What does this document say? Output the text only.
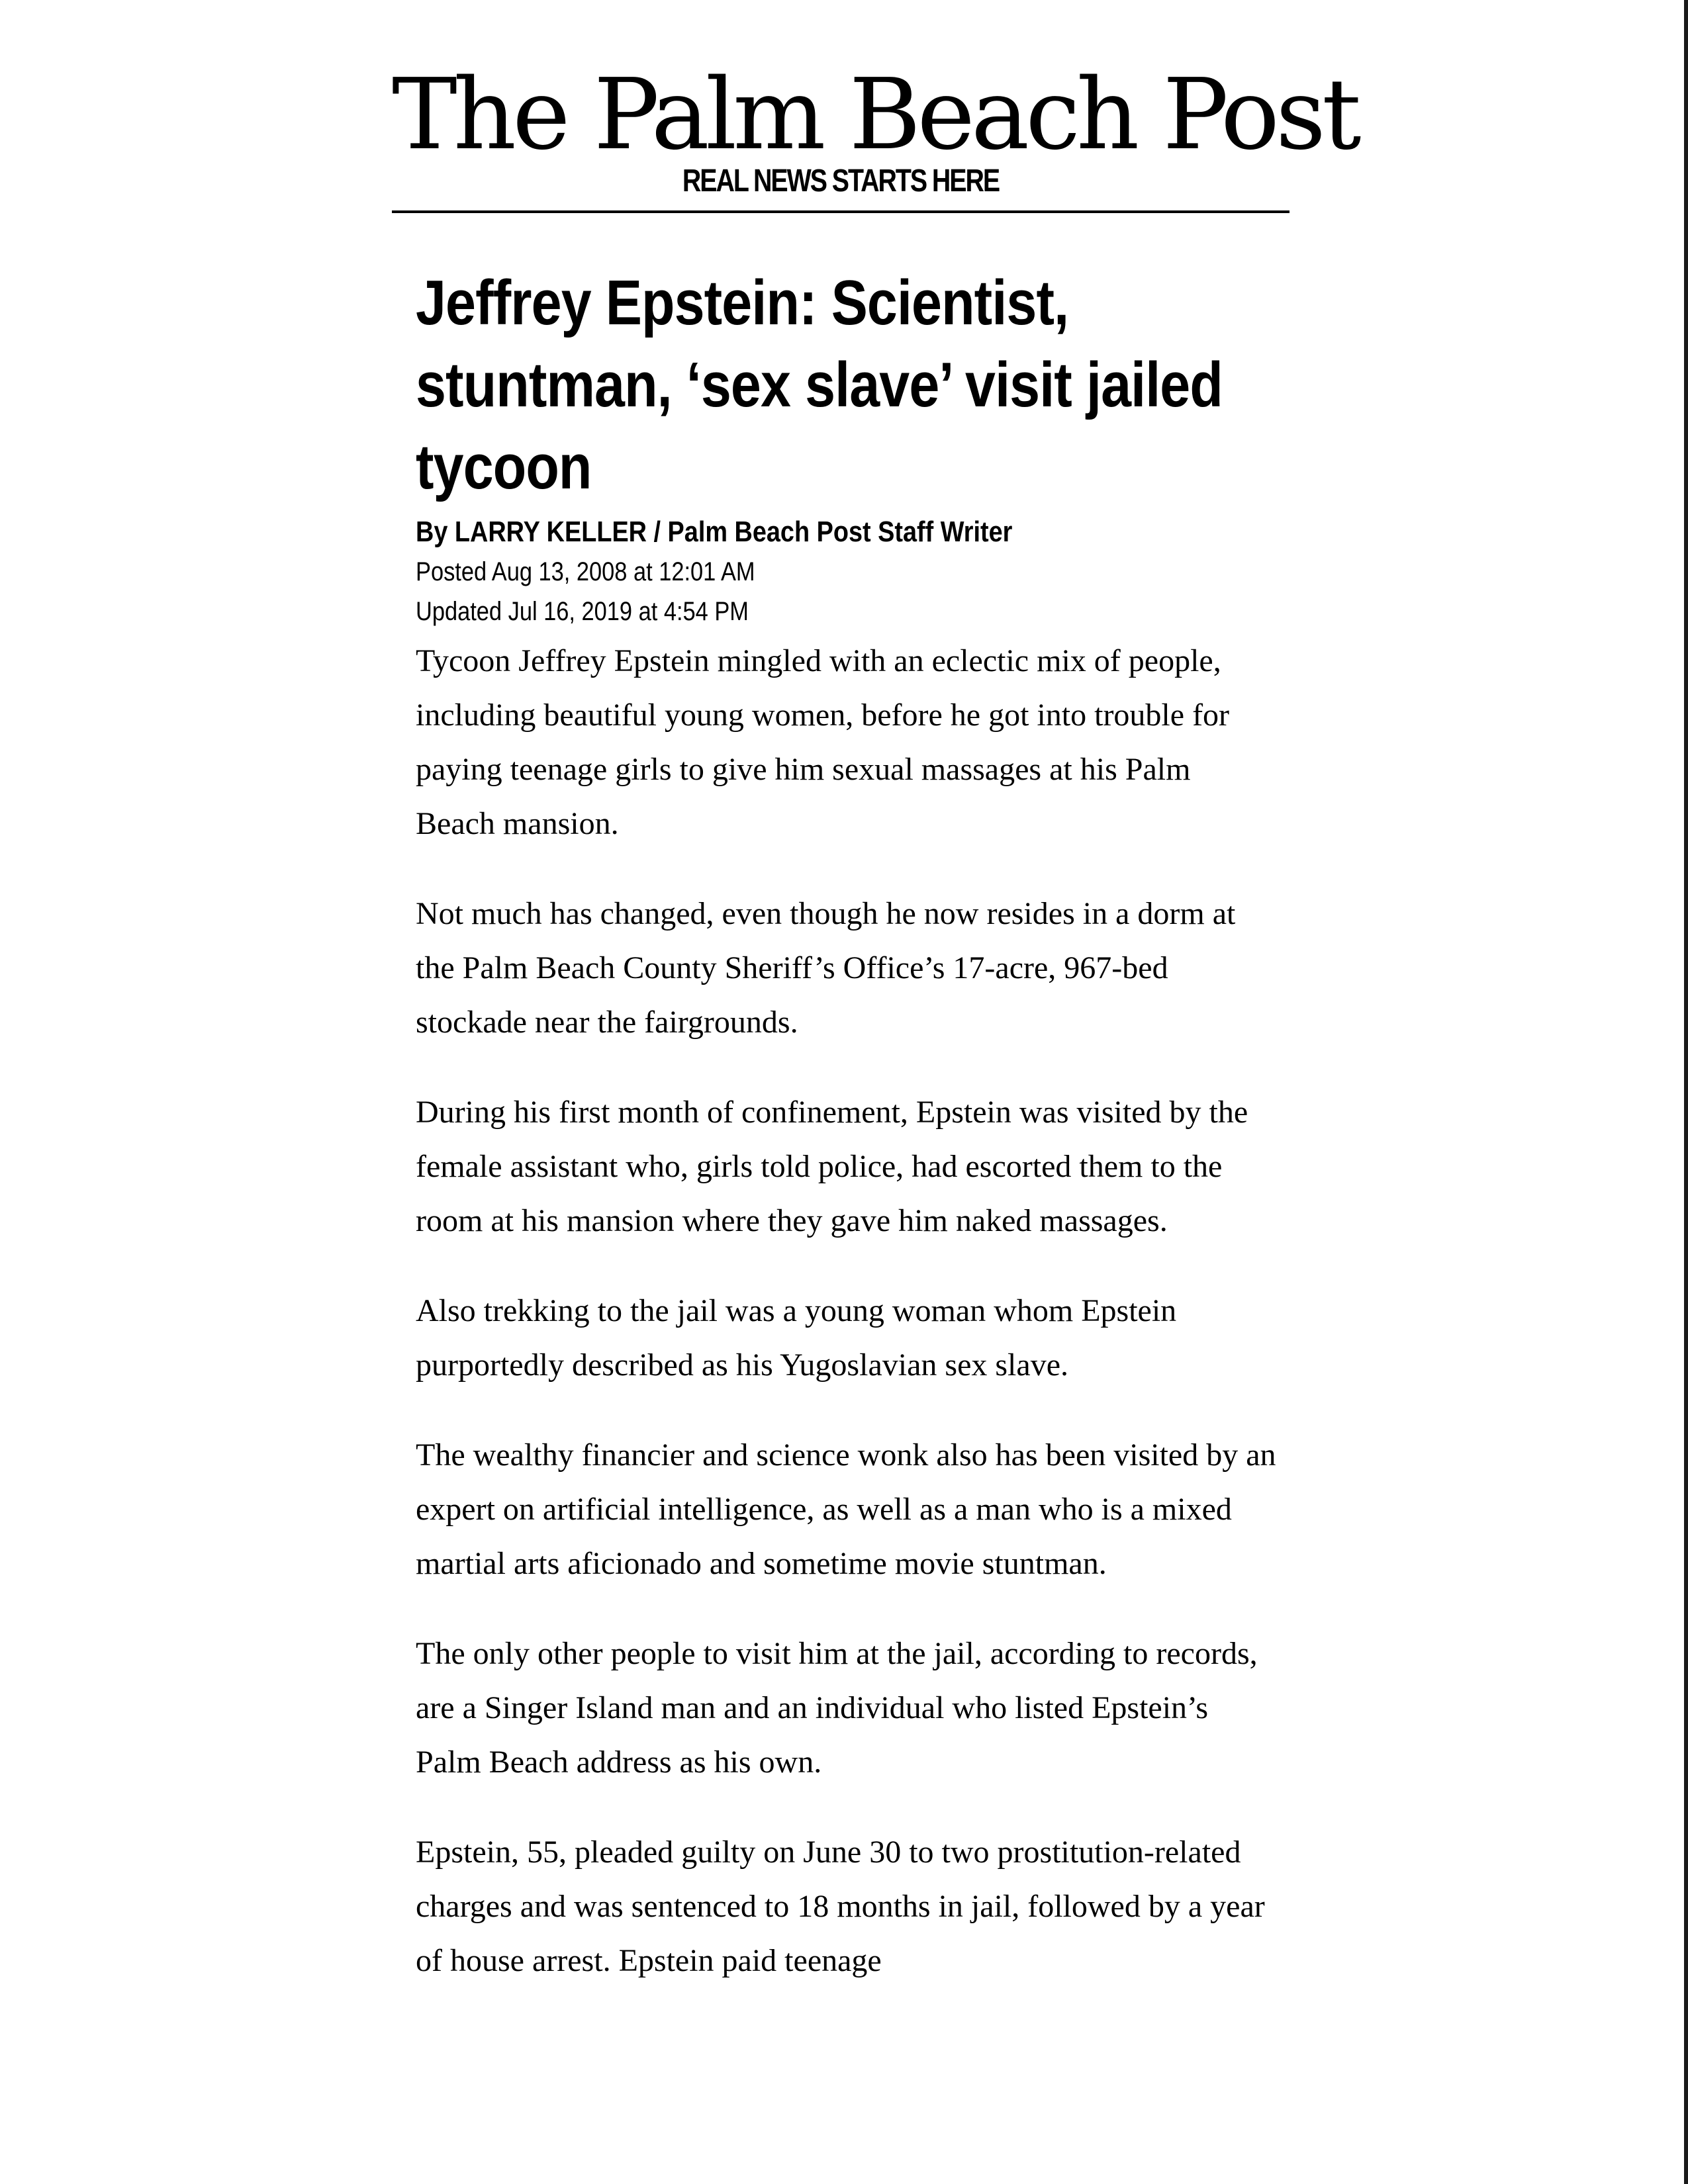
The Palm Beach Post
REAL NEWS STARTS HERE
Jeffrey Epstein: Scientist, stuntman, ‘sex slave’ visit jailed tycoon
By LARRY KELLER / Palm Beach Post Staff Writer
Posted Aug 13, 2008 at 12:01 AM
Updated Jul 16, 2019 at 4:54 PM

Tycoon Jeffrey Epstein mingled with an eclectic mix of people, including beautiful young women, before he got into trouble for paying teenage girls to give him sexual massages at his Palm Beach mansion.

Not much has changed, even though he now resides in a dorm at the Palm Beach County Sheriff’s Office’s 17-acre, 967-bed stockade near the fairgrounds.

During his first month of confinement, Epstein was visited by the female assistant who, girls told police, had escorted them to the room at his mansion where they gave him naked massages.

Also trekking to the jail was a young woman whom Epstein purportedly described as his Yugoslavian sex slave.

The wealthy financier and science wonk also has been visited by an expert on artificial intelligence, as well as a man who is a mixed martial arts aficionado and sometime movie stuntman.

The only other people to visit him at the jail, according to records, are a Singer Island man and an individual who listed Epstein’s Palm Beach address as his own.

Epstein, 55, pleaded guilty on June 30 to two prostitution-related charges and was sentenced to 18 months in jail, followed by a year of house arrest. Epstein paid teenage
